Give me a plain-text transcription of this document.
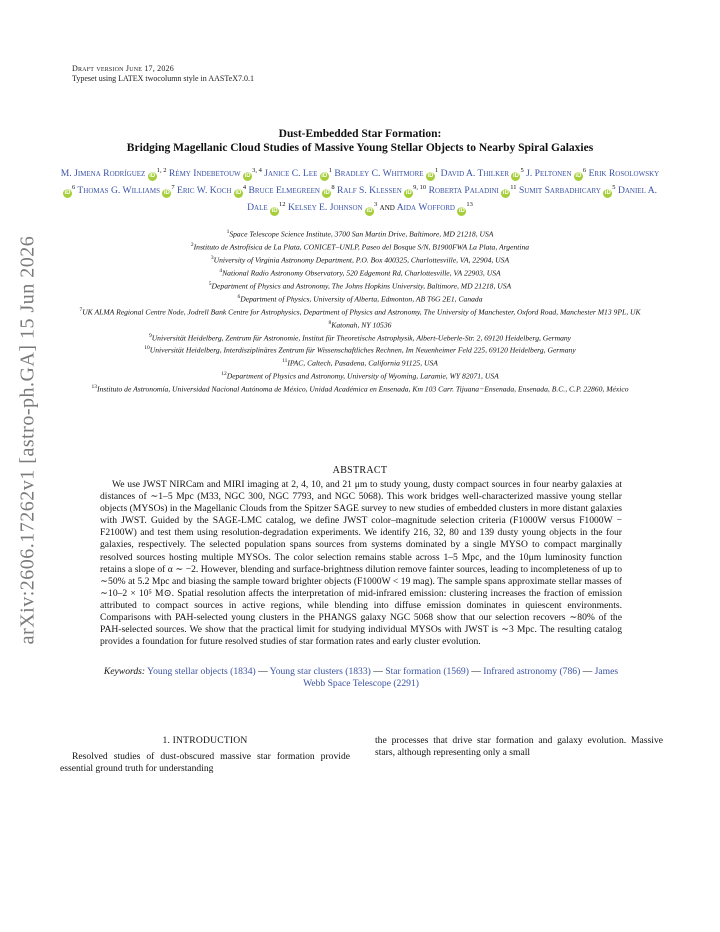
arXiv:2606.17262v1 [astro-ph.GA] 15 Jun 2026
Draft version June 17, 2026
Typeset using LATEX twocolumn style in AASTeX7.0.1
Dust-Embedded Star Formation:
Bridging Magellanic Cloud Studies of Massive Young Stellar Objects to Nearby Spiral Galaxies
M. Jimena Rodríguez iD$^{1, 2}$ Rémy Indebetouw iD$^{3, 4}$ Janice C. Lee $iD^1$ Bradley C. Whitmore $iD^1$ David A. Thilker $iD^5$ J. Peltonen $iD^6$ Erik Rosolowsky $iD^6$ Thomas G. Williams $iD^7$ Eric W. Koch $iD^4$ Bruce Elmegreen $iD^8$ Ralf S. Klessen iD$^{9, 10}$ Roberta Paladini $iD^{11}$ Sumit Sarbadhicary $iD^5$ Daniel A. Dale $iD^{12}$ Kelsey E. Johnson $iD^3$ and Aida Wofford $iD^{13}$
$^1$Space Telescope Science Institute, 3700 San Martin Drive, Baltimore, MD 21218, USA
$^2$Instituto de Astrofísica de La Plata, CONICET–UNLP, Paseo del Bosque S/N, B1900FWA La Plata, Argentina
$^3$University of Virginia Astronomy Department, P.O. Box 400325, Charlottesville, VA, 22904, USA
$^4$National Radio Astronomy Observatory, 520 Edgemont Rd, Charlottesville, VA 22903, USA
$^5$Department of Physics and Astronomy, The Johns Hopkins University, Baltimore, MD 21218, USA
$^6$Department of Physics, University of Alberta, Edmonton, AB T6G 2E1, Canada
$^7$UK ALMA Regional Centre Node, Jodrell Bank Centre for Astrophysics, Department of Physics and Astronomy, The University of Manchester, Oxford Road, Manchester M13 9PL, UK
$^8$Katonah, NY 10536
$^9$Universität Heidelberg, Zentrum für Astronomie, Institut für Theoretische Astrophysik, Albert-Ueberle-Str. 2, 69120 Heidelberg, Germany
$^{10}$Universität Heidelberg, Interdisziplinäres Zentrum für Wissenschaftliches Rechnen, Im Neuenheimer Feld 225, 69120 Heidelberg, Germany
$^{11}$IPAC, Caltech, Pasadena, California 91125, USA
$^{12}$Department of Physics and Astronomy, University of Wyoming, Laramie, WY 82071, USA
$^{13}$Instituto de Astronomía, Universidad Nacional Autónoma de México, Unidad Académica en Ensenada, Km 103 Carr. Tijuana−Ensenada, Ensenada, B.C., C.P. 22860, México
ABSTRACT
We use JWST NIRCam and MIRI imaging at 2, 4, 10, and 21 μm to study young, dusty compact sources in four nearby galaxies at distances of ∼1–5 Mpc (M33, NGC 300, NGC 7793, and NGC 5068). This work bridges well-characterized massive young stellar objects (MYSOs) in the Magellanic Clouds from the Spitzer SAGE survey to new studies of embedded clusters in more distant galaxies with JWST. Guided by the SAGE-LMC catalog, we define JWST color–magnitude selection criteria (F1000W versus F1000W − F2100W) and test them using resolution-degradation experiments. We identify 216, 32, 80 and 139 dusty young objects in the four galaxies, respectively. The selected population spans sources from systems dominated by a single MYSO to compact marginally resolved sources hosting multiple MYSOs. The color selection remains stable across 1–5 Mpc, and the 10μm luminosity function retains a slope of α ∼ −2. However, blending and surface-brightness dilution remove fainter sources, leading to incompleteness of up to ∼50% at 5.2 Mpc and biasing the sample toward brighter objects (F1000W < 19 mag). The sample spans approximate stellar masses of ∼10–2 × 10⁵ M⊙. Spatial resolution affects the interpretation of mid-infrared emission: clustering increases the fraction of emission attributed to compact sources in active regions, while blending into diffuse emission dominates in quiescent environments. Comparisons with PAH-selected young clusters in the PHANGS galaxy NGC 5068 show that our selection recovers ∼80% of the PAH-selected sources. We show that the practical limit for studying individual MYSOs with JWST is ∼3 Mpc. The resulting catalog provides a foundation for future resolved studies of star formation rates and early cluster evolution.
Keywords: Young stellar objects (1834) — Young star clusters (1833) — Star formation (1569) — Infrared astronomy (786) — James Webb Space Telescope (2291)
1. INTRODUCTION
Resolved studies of dust-obscured massive star formation provide essential ground truth for understanding
the processes that drive star formation and galaxy evolution. Massive stars, although representing only a small
